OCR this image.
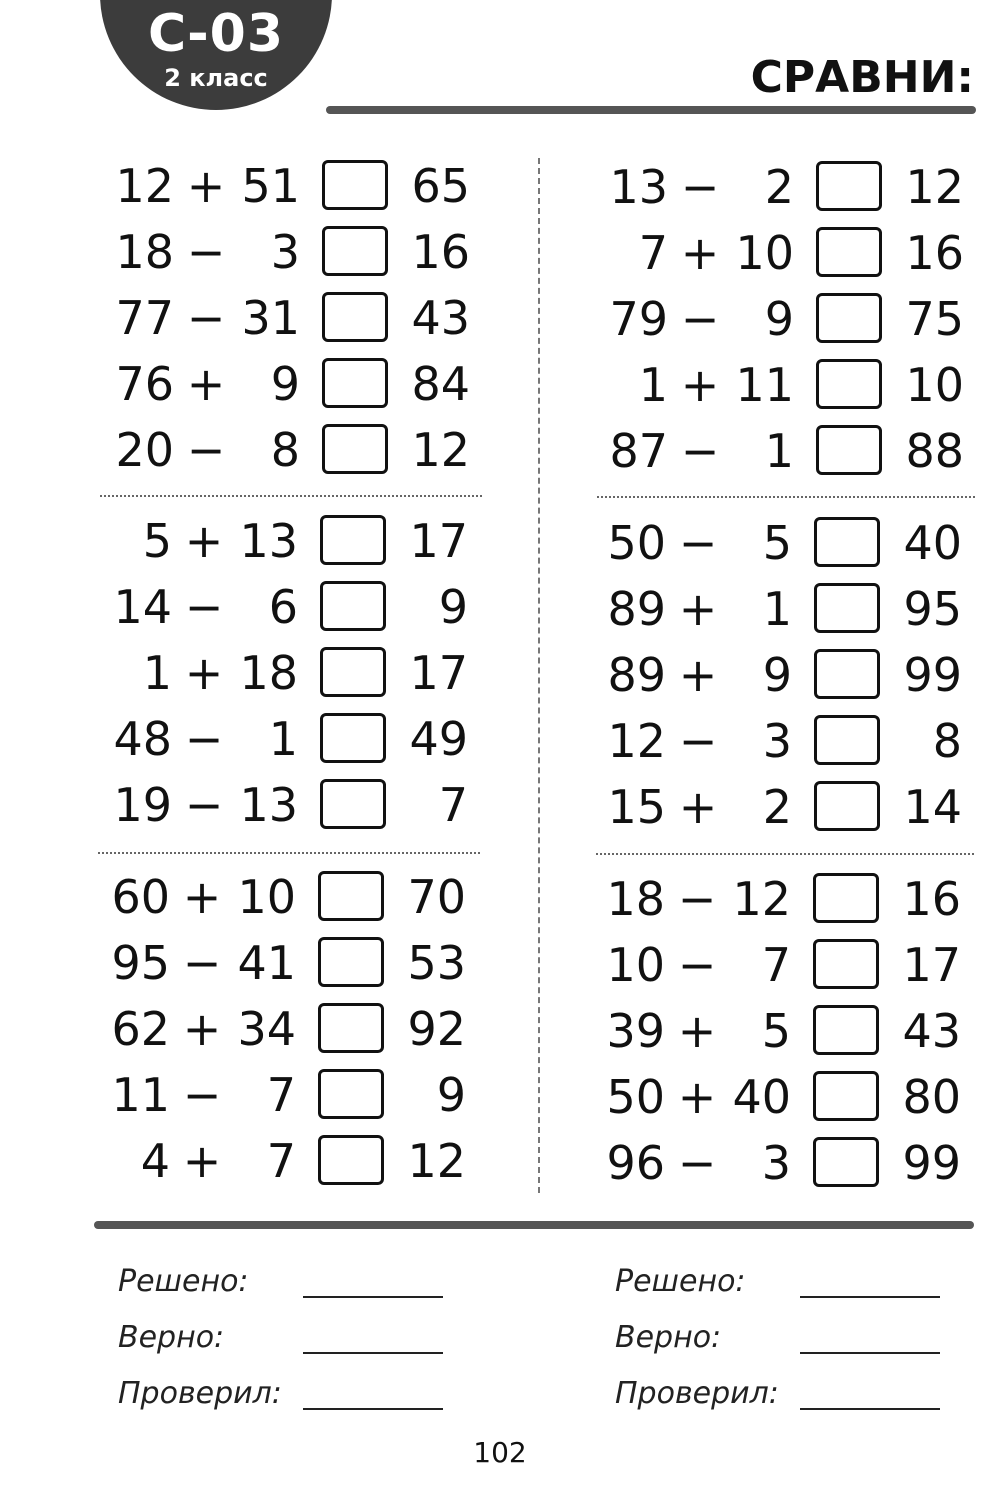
С-03
2 класс	СРАВНИ:
12 + 51 65
18 − 3 16
77 − 31 43
76 + 9 84
20 − 8 12
5 + 13 17
14 − 6	9
1 + 18 17
48 − 1 49
19 − 13	7
60 + 10 70
95 − 41 53
62 + 34 92
11 − 7	9
4 + 7 12
13 − 2 12
7 + 10 16
79 − 9 75
1 + 11 10
87 − 1 88
50 − 5 40
89 + 1 95
89 + 9 99
12 − 3	8
15 + 2 14
18 − 12 16
10 − 7 17
39 + 5 43
50 + 40 80
96 − 3 99
Решено:
Верно:
Проверил:
Решено:
Верно:
Проверил:
102
